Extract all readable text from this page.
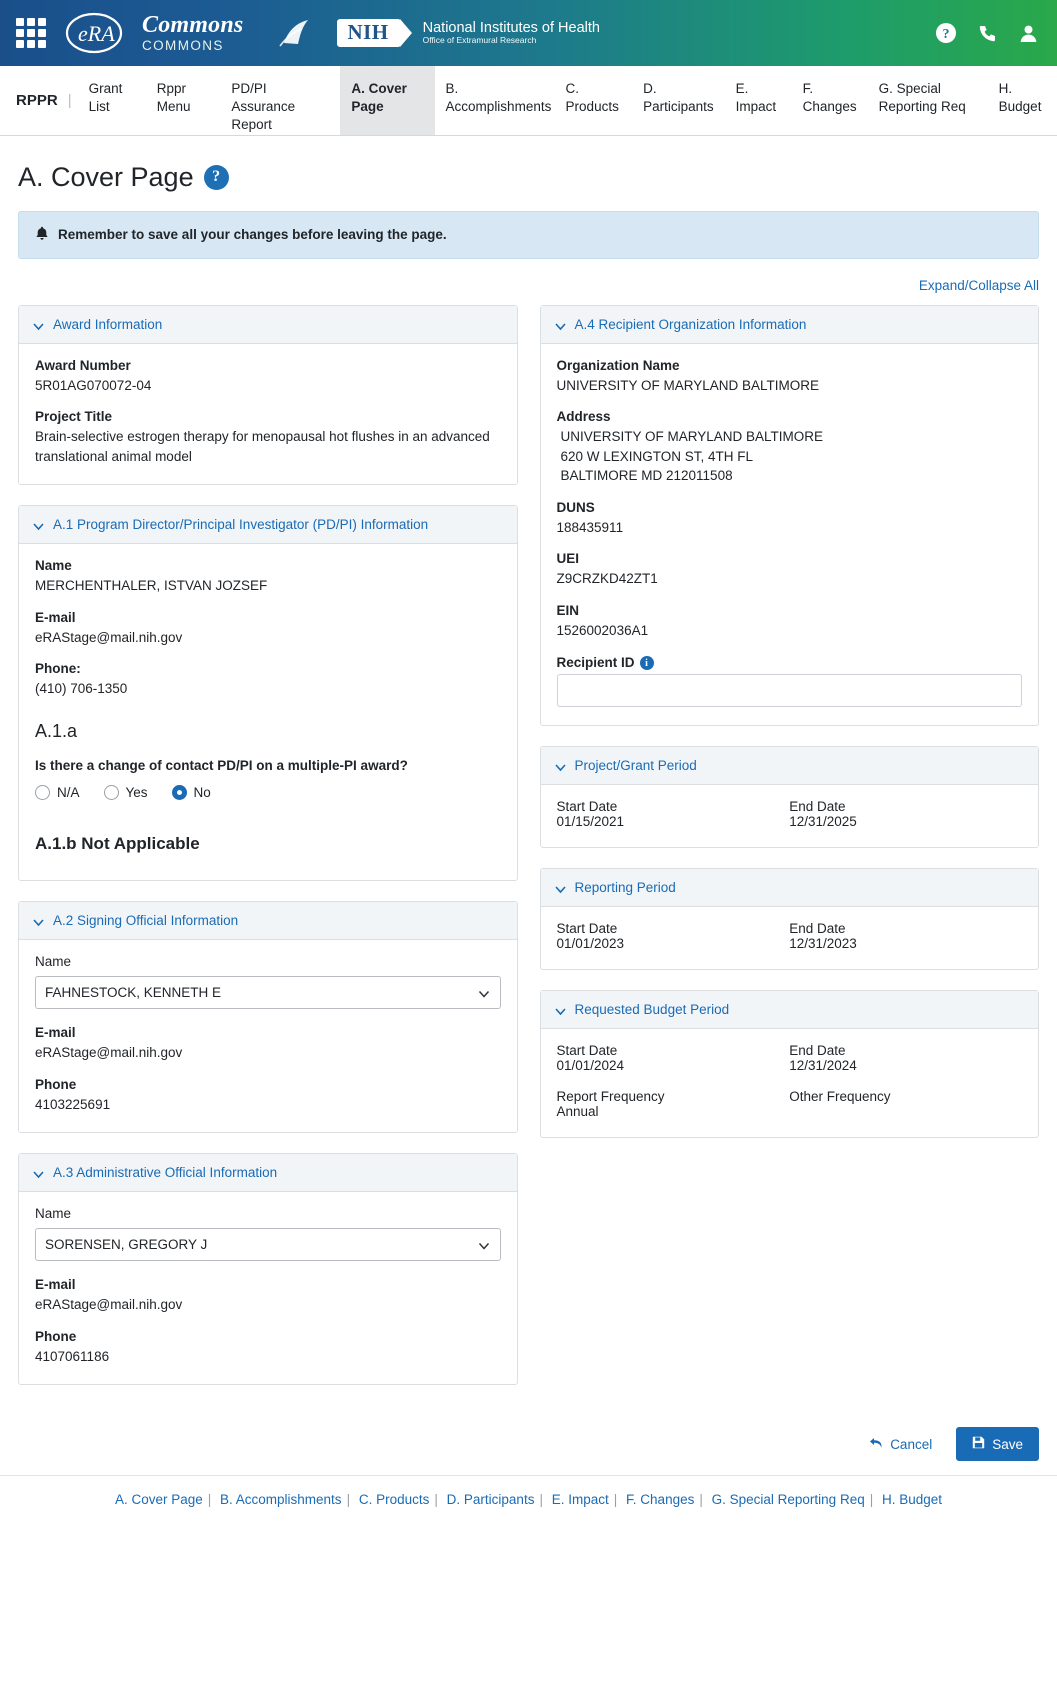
eRA Commons
COMMONS
NIH	National Institutes of Health
Office of Extramural Research	?
RPPR |
Grant List
Rppr Menu
PD/PI Assurance Report
A. Cover Page
B. Accomplishments
C. Products
D. Participants
E. Impact
F. Changes
G. Special Reporting Req
H. Budget
A. Cover Page	?
Remember to save all your changes before leaving the page.
Expand/Collapse All
Award Information
Award Number
5R01AG070072-04
Project Title
Brain-selective estrogen therapy for menopausal hot flushes in an advanced translational animal model
A.1 Program Director/Principal Investigator (PD/PI) Information
Name
MERCHENTHALER, ISTVAN JOZSEF
E-mail
eRAStage@mail.nih.gov
Phone:
(410) 706-1350
A.1.a
Is there a change of contact PD/PI on a multiple-PI award?
N/A	Yes	No
A.1.b Not Applicable
A.2 Signing Official Information
Name
FAHNESTOCK, KENNETH E
E-mail
eRAStage@mail.nih.gov
Phone
4103225691
A.3 Administrative Official Information
Name
SORENSEN, GREGORY J
E-mail
eRAStage@mail.nih.gov
Phone
4107061186
A.4 Recipient Organization Information
Organization Name
UNIVERSITY OF MARYLAND BALTIMORE
Address
UNIVERSITY OF MARYLAND BALTIMORE
620 W LEXINGTON ST, 4TH FL
BALTIMORE MD 212011508
DUNS
188435911
UEI
Z9CRZKD42ZT1
EIN
1526002036A1
Recipient ID i
Project/Grant Period
Start Date
01/15/2021
End Date
12/31/2025
Reporting Period
Start Date
01/01/2023
End Date
12/31/2023
Requested Budget Period
Start Date
01/01/2024
End Date
12/31/2024
Report Frequency
Annual
Other Frequency
Cancel	Save
A. Cover Page | B. Accomplishments | C. Products | D. Participants | E. Impact | F. Changes | G. Special Reporting Req | H. Budget
